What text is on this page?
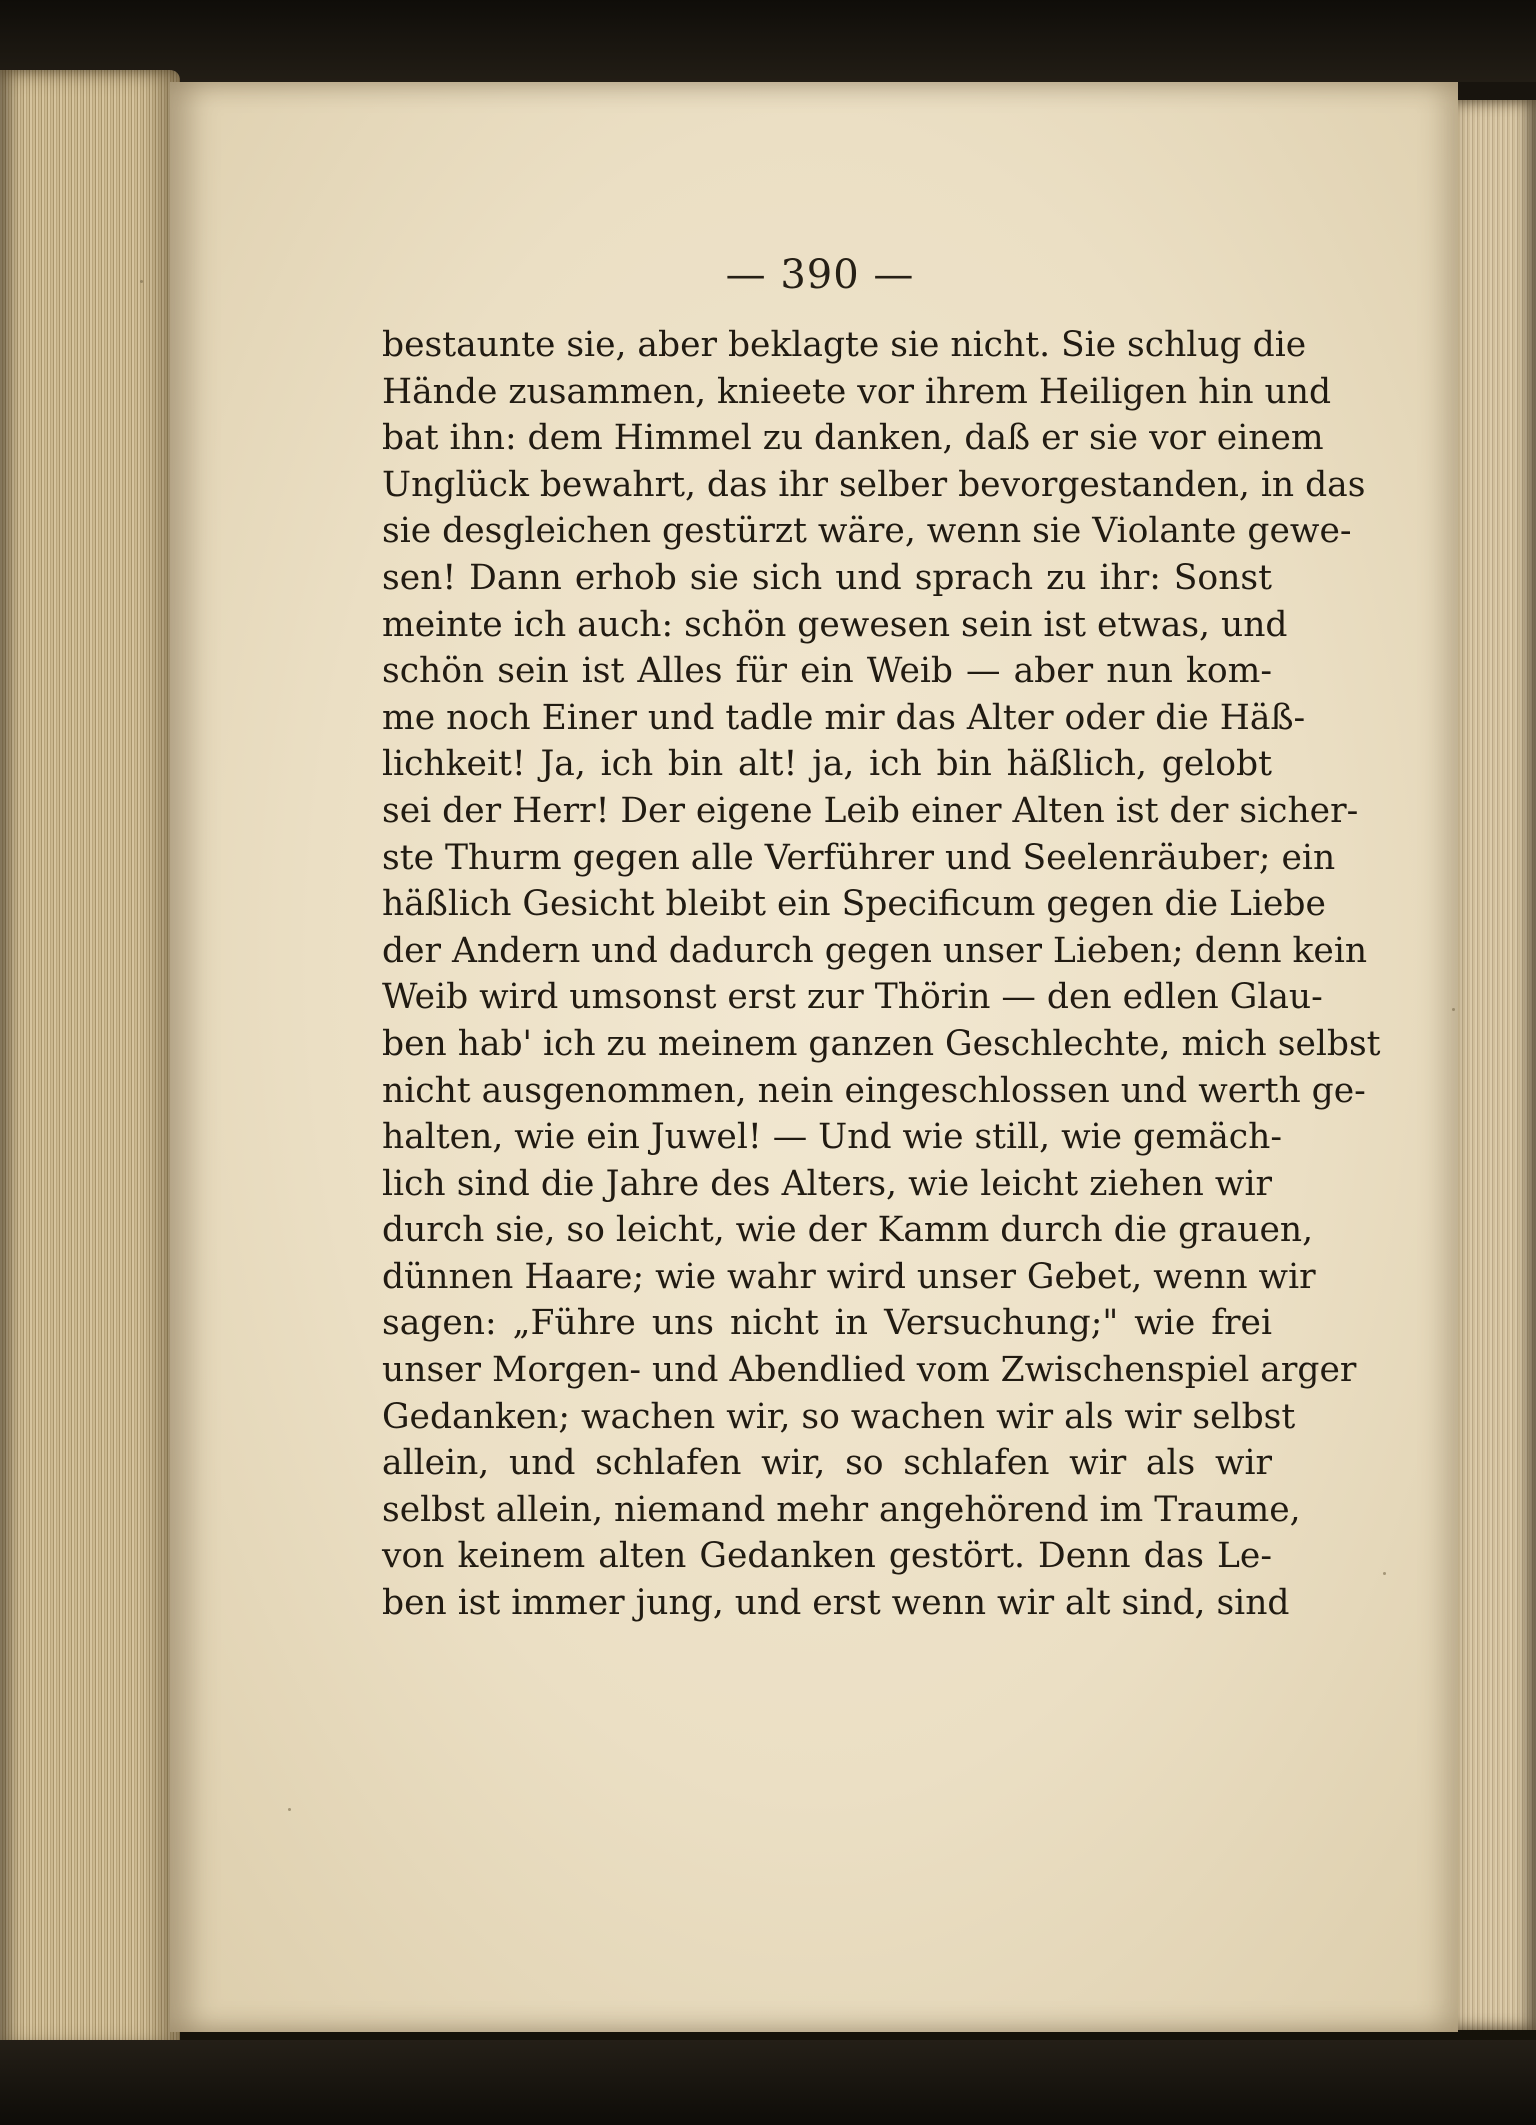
— 390 —
bestaunte sie, aber beklagte sie nicht. Sie schlug die
Hände zusammen, knieete vor ihrem Heiligen hin und
bat ihn: dem Himmel zu danken, daß er sie vor einem
Unglück bewahrt, das ihr selber bevorgestanden, in das
sie desgleichen gestürzt wäre, wenn sie Violante gewe-
sen! Dann erhob sie sich und sprach zu ihr: Sonst
meinte ich auch: schön gewesen sein ist etwas, und
schön sein ist Alles für ein Weib — aber nun kom-
me noch Einer und tadle mir das Alter oder die Häß-
lichkeit! Ja, ich bin alt! ja, ich bin häßlich, gelobt
sei der Herr! Der eigene Leib einer Alten ist der sicher-
ste Thurm gegen alle Verführer und Seelenräuber; ein
häßlich Gesicht bleibt ein Specificum gegen die Liebe
der Andern und dadurch gegen unser Lieben; denn kein
Weib wird umsonst erst zur Thörin — den edlen Glau-
ben hab' ich zu meinem ganzen Geschlechte, mich selbst
nicht ausgenommen, nein eingeschlossen und werth ge-
halten, wie ein Juwel! — Und wie still, wie gemäch-
lich sind die Jahre des Alters, wie leicht ziehen wir
durch sie, so leicht, wie der Kamm durch die grauen,
dünnen Haare; wie wahr wird unser Gebet, wenn wir
sagen: „Führe uns nicht in Versuchung;" wie frei
unser Morgen- und Abendlied vom Zwischenspiel arger
Gedanken; wachen wir, so wachen wir als wir selbst
allein, und schlafen wir, so schlafen wir als wir
selbst allein, niemand mehr angehörend im Traume,
von keinem alten Gedanken gestört. Denn das Le-
ben ist immer jung, und erst wenn wir alt sind, sind
